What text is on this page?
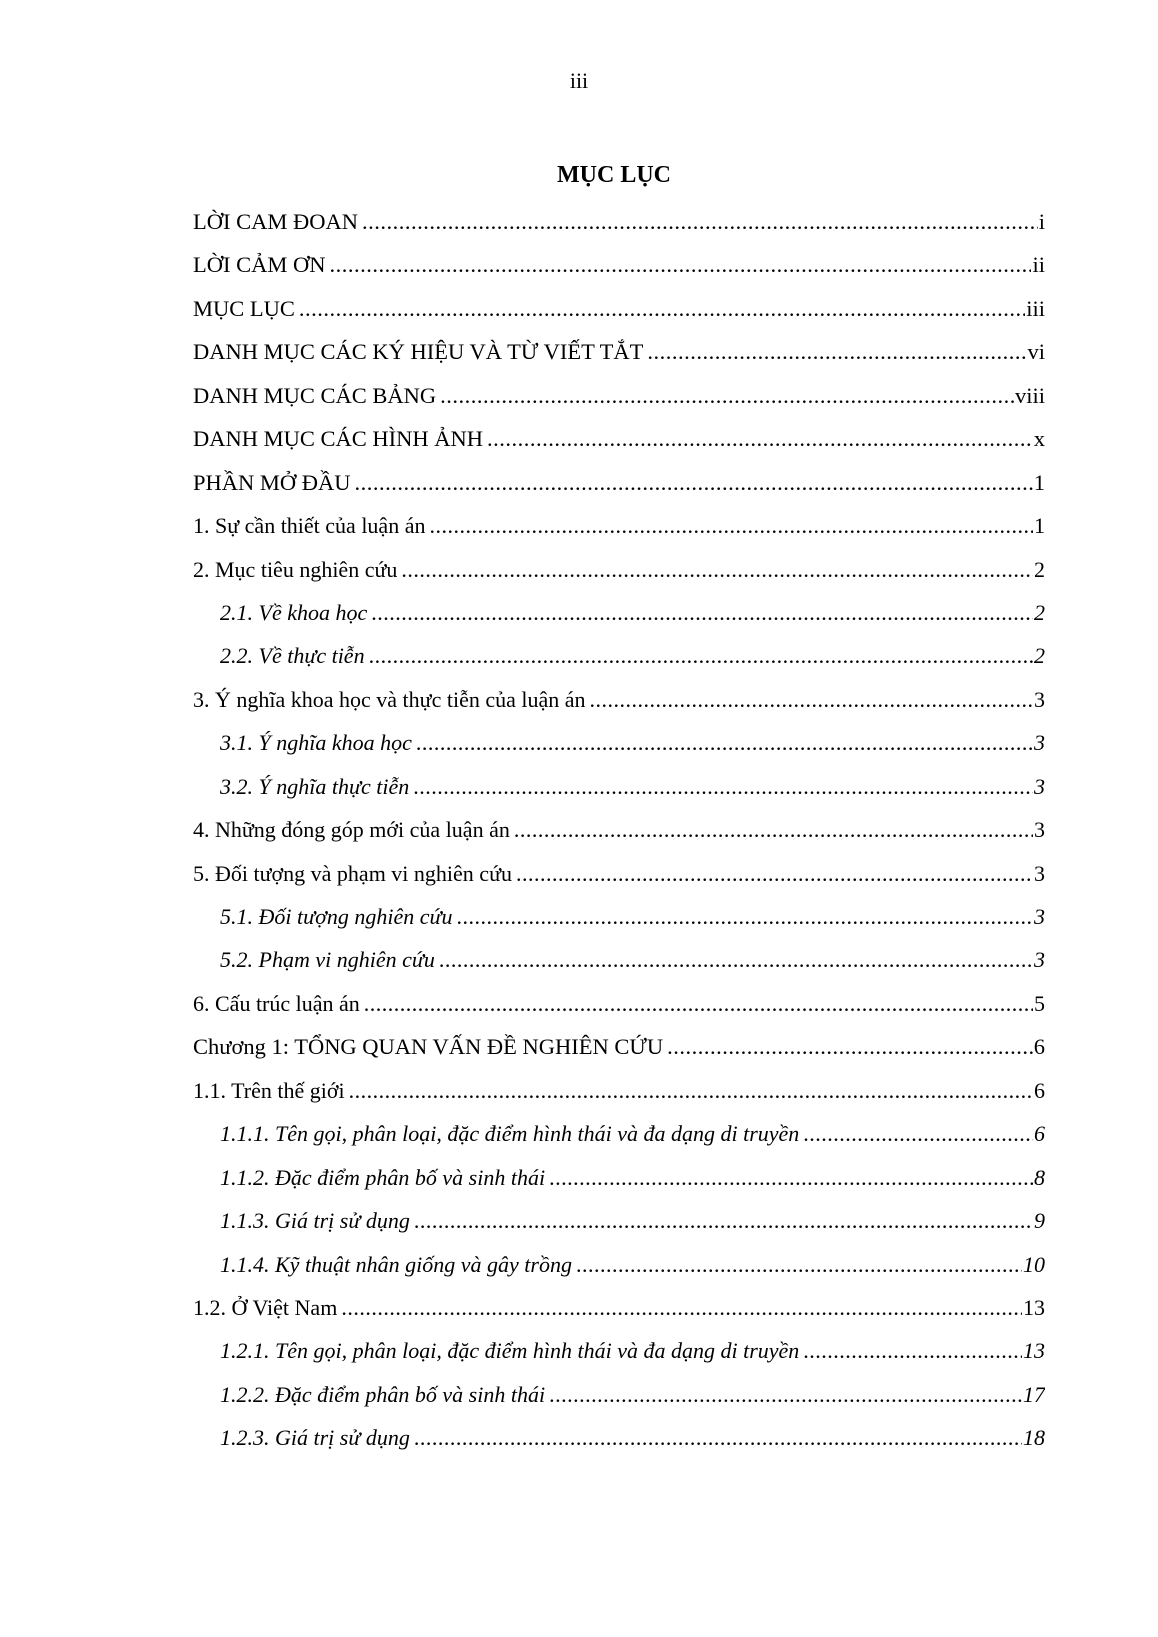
iii
MỤC LỤC
LỜI CAM ĐOAN .....	i
LỜI CẢM ƠN .....	ii
MỤC LỤC .....	iii
DANH MỤC CÁC KÝ HIỆU VÀ TỪ VIẾT TẮT .....	vi
DANH MỤC CÁC BẢNG .....	viii
DANH MỤC CÁC HÌNH ẢNH .....	x
PHẦN MỞ ĐẦU .....	1
1. Sự cần thiết của luận án .....	1
2. Mục tiêu nghiên cứu .....	2
2.1. Về khoa học .....	2
2.2. Về thực tiễn .....	2
3. Ý nghĩa khoa học và thực tiễn của luận án .....	3
3.1. Ý nghĩa khoa học .....	3
3.2. Ý nghĩa thực tiễn .....	3
4. Những đóng góp mới của luận án .....	3
5. Đối tượng và phạm vi nghiên cứu .....	3
5.1. Đối tượng nghiên cứu .....	3
5.2. Phạm vi nghiên cứu .....	3
6. Cấu trúc luận án .....	5
Chương 1: TỔNG QUAN VẤN ĐỀ NGHIÊN CỨU .....	6
1.1. Trên thế giới .....	6
1.1.1. Tên gọi, phân loại, đặc điểm hình thái và đa dạng di truyền .....	6
1.1.2. Đặc điểm phân bố và sinh thái .....	8
1.1.3. Giá trị sử dụng .....	9
1.1.4. Kỹ thuật nhân giống và gây trồng .....	10
1.2. Ở Việt Nam .....	13
1.2.1. Tên gọi, phân loại, đặc điểm hình thái và đa dạng di truyền .....	13
1.2.2. Đặc điểm phân bố và sinh thái .....	17
1.2.3. Giá trị sử dụng .....	18
